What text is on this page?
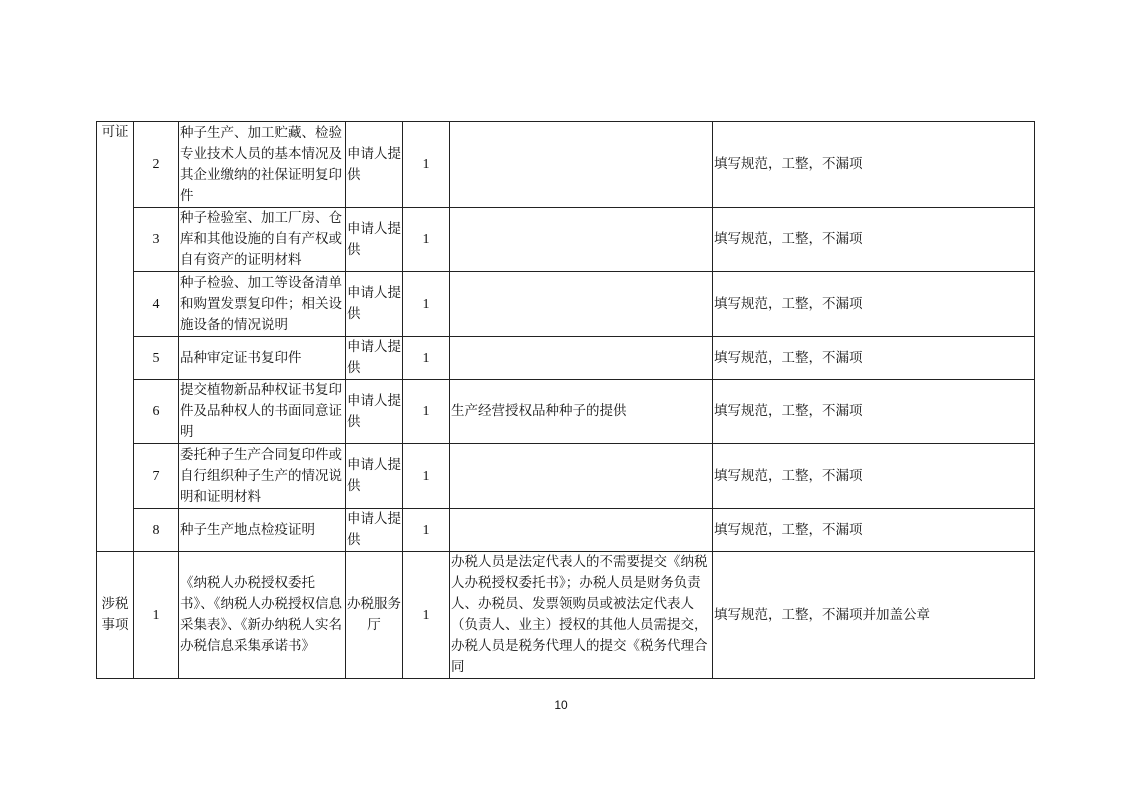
可证	2	种子生产、加工贮藏、检验专业技术人员的基本情况及其企业缴纳的社保证明复印件	申请人提供	1		填写规范，工整，不漏项
	3	种子检验室、加工厂房、仓库和其他设施的自有产权或自有资产的证明材料	申请人提供	1		填写规范，工整，不漏项
	4	种子检验、加工等设备清单和购置发票复印件；相关设施设备的情况说明	申请人提供	1		填写规范，工整，不漏项
	5	品种审定证书复印件	申请人提供	1		填写规范，工整，不漏项
	6	提交植物新品种权证书复印件及品种权人的书面同意证明	申请人提供	1	生产经营授权品种种子的提供	填写规范，工整，不漏项
	7	委托种子生产合同复印件或自行组织种子生产的情况说明和证明材料	申请人提供	1		填写规范，工整，不漏项
	8	种子生产地点检疫证明	申请人提供	1		填写规范，工整，不漏项
涉税事项	1	《纳税人办税授权委托书》、《纳税人办税授权信息采集表》、《新办纳税人实名办税信息采集承诺书》	办税服务厅	1	办税人员是法定代表人的不需要提交《纳税人办税授权委托书》；办税人员是财务负责人、办税员、发票领购员或被法定代表人（负责人、业主）授权的其他人员需提交，办税人员是税务代理人的提交《税务代理合同	填写规范，工整，不漏项并加盖公章
10
